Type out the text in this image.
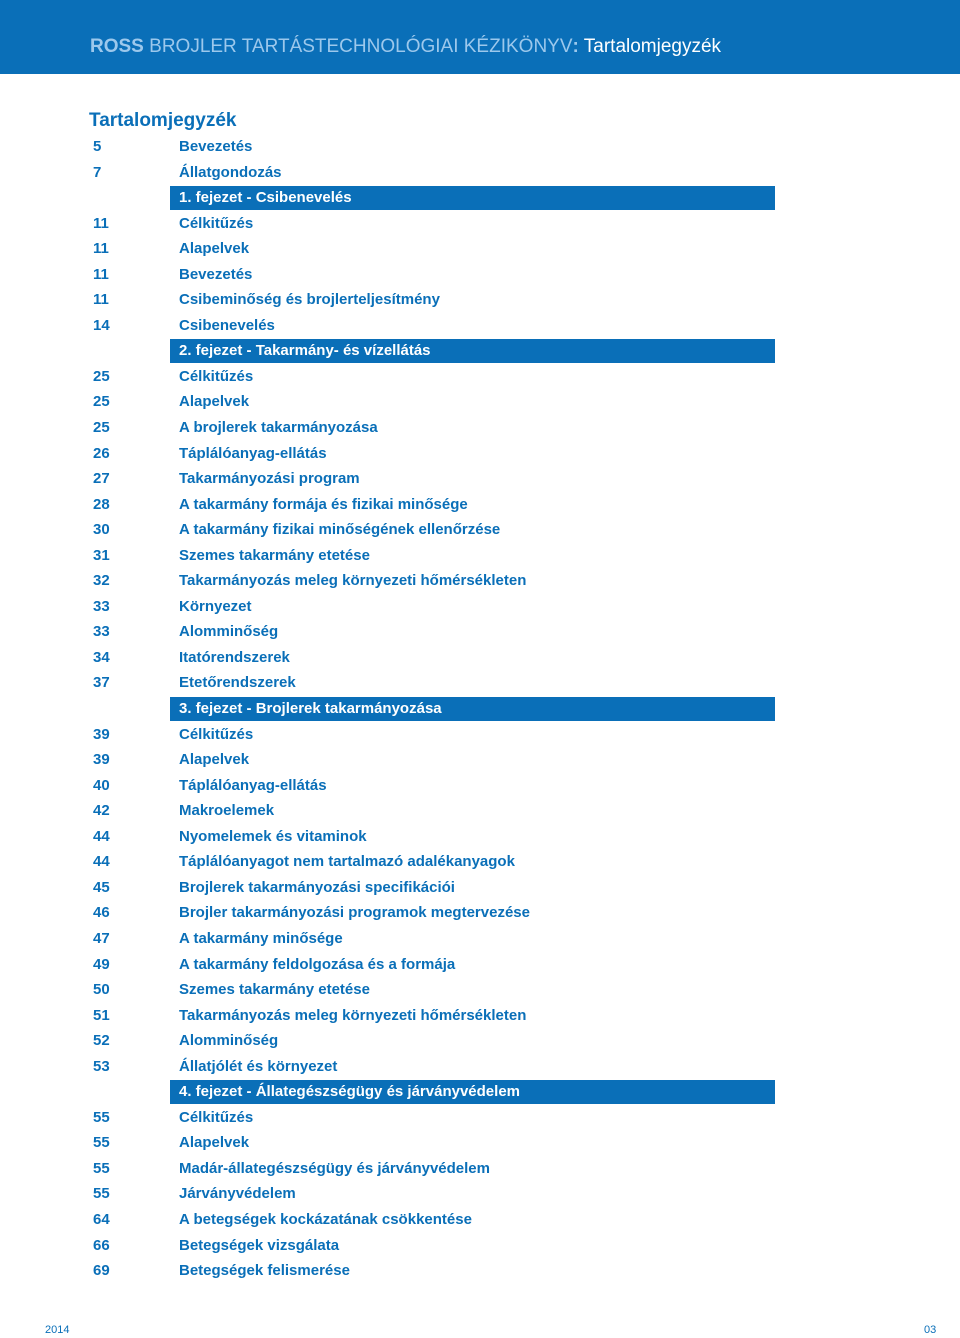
ROSS BROJLER TARTÁSTECHNOLÓGIAI KÉZIKÖNYV: Tartalomjegyzék
Tartalomjegyzék
5	Bevezetés
7	Állatgondozás
1. fejezet - Csibenevelés
11	Célkitűzés
11	Alapelvek
11	Bevezetés
11	Csibeminőség és brojlerteljesítmény
14	Csibenevelés
2. fejezet - Takarmány- és vízellátás
25	Célkitűzés
25	Alapelvek
25	A brojlerek takarmányozása
26	Táplálóanyag-ellátás
27	Takarmányozási program
28	A takarmány formája és fizikai minősége
30	A takarmány fizikai minőségének ellenőrzése
31	Szemes takarmány etetése
32	Takarmányozás meleg környezeti hőmérsékleten
33	Környezet
33	Alomminőség
34	Itatórendszerek
37	Etetőrendszerek
3. fejezet - Brojlerek takarmányozása
39	Célkitűzés
39	Alapelvek
40	Táplálóanyag-ellátás
42	Makroelemek
44	Nyomelemek és vitaminok
44	Táplálóanyagot nem tartalmazó adalékanyagok
45	Brojlerek takarmányozási specifikációi
46	Brojler takarmányozási programok megtervezése
47	A takarmány minősége
49	A takarmány feldolgozása és a formája
50	Szemes takarmány etetése
51	Takarmányozás meleg környezeti hőmérsékleten
52	Alomminőség
53	Állatjólét és környezet
4. fejezet - Állategészségügy és járványvédelem
55	Célkitűzés
55	Alapelvek
55	Madár-állategészségügy és járványvédelem
55	Járványvédelem
64	A betegségek kockázatának csökkentése
66	Betegségek vizsgálata
69	Betegségek felismerése
2014	03
